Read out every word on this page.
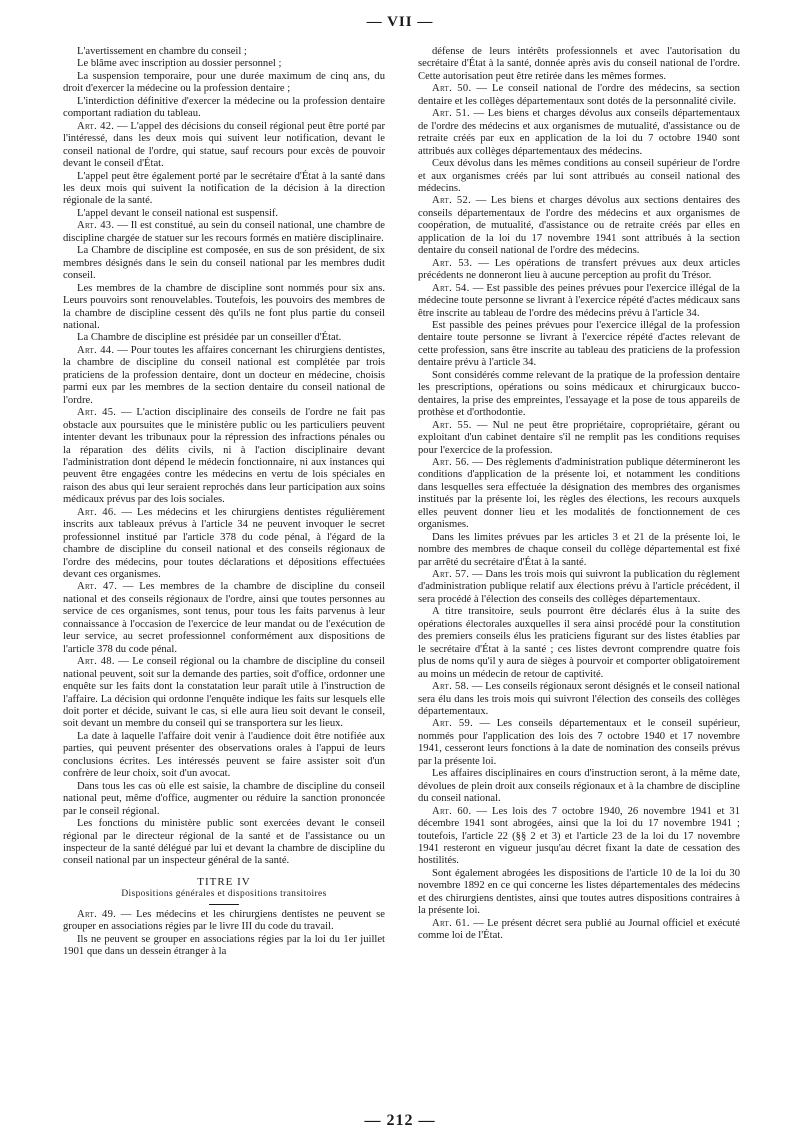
— VII —

L'avertissement en chambre du conseil ;

Le blâme avec inscription au dossier personnel ;

La suspension temporaire, pour une durée maximum de cinq ans, du droit d'exercer la médecine ou la profession dentaire ;

L'interdiction définitive d'exercer la médecine ou la profession dentaire comportant radiation du tableau.

Art. 42. — L'appel des décisions du conseil régional peut être porté par l'intéressé, dans les deux mois qui suivent leur notification, devant le conseil national de l'ordre, qui statue, sauf recours pour excès de pouvoir devant le conseil d'État.

L'appel peut être également porté par le secrétaire d'État à la santé dans les deux mois qui suivent la notification de la décision à la direction régionale de la santé.

L'appel devant le conseil national est suspensif.

Art. 43. — Il est constitué, au sein du conseil national, une chambre de discipline chargée de statuer sur les recours formés en matière disciplinaire.

La Chambre de discipline est composée, en sus de son président, de six membres désignés dans le sein du conseil national par les membres dudit conseil.

Les membres de la chambre de discipline sont nommés pour six ans. Leurs pouvoirs sont renouvelables. Toutefois, les pouvoirs des membres de la chambre de discipline cessent dès qu'ils ne font plus partie du conseil national.

La Chambre de discipline est présidée par un conseiller d'État.

Art. 44. — Pour toutes les affaires concernant les chirurgiens dentistes, la chambre de discipline du conseil national est complétée par trois praticiens de la profession dentaire, dont un docteur en médecine, choisis parmi eux par les membres de la section dentaire du conseil national de l'ordre.

Art. 45. — L'action disciplinaire des conseils de l'ordre ne fait pas obstacle aux poursuites que le ministère public ou les particuliers peuvent intenter devant les tribunaux pour la répression des infractions pénales ou la réparation des délits civils, ni à l'action disciplinaire devant l'administration dont dépend le médecin fonctionnaire, ni aux instances qui peuvent être engagées contre les médecins en vertu de lois spéciales en raison des abus qui leur seraient reprochés dans leur participation aux soins médicaux prévus par des lois sociales.

Art. 46. — Les médecins et les chirurgiens dentistes régulièrement inscrits aux tableaux prévus à l'article 34 ne peuvent invoquer le secret professionnel institué par l'article 378 du code pénal, à l'égard de la chambre de discipline du conseil national et des conseils régionaux de l'ordre des médecins, pour toutes déclarations et dépositions effectuées devant ces organismes.

Art. 47. — Les membres de la chambre de discipline du conseil national et des conseils régionaux de l'ordre, ainsi que toutes personnes au service de ces organismes, sont tenus, pour tous les faits parvenus à leur connaissance à l'occasion de l'exercice de leur mandat ou de l'exécution de leur service, au secret professionnel conformément aux dispositions de l'article 378 du code pénal.

Art. 48. — Le conseil régional ou la chambre de discipline du conseil national peuvent, soit sur la demande des parties, soit d'office, ordonner une enquête sur les faits dont la constatation leur paraît utile à l'instruction de l'affaire. La décision qui ordonne l'enquête indique les faits sur lesquels elle doit porter et décide, suivant le cas, si elle aura lieu soit devant le conseil, soit devant un membre du conseil qui se transportera sur les lieux.

La date à laquelle l'affaire doit venir à l'audience doit être notifiée aux parties, qui peuvent présenter des observations orales à l'appui de leurs conclusions écrites. Les intéressés peuvent se faire assister soit d'un confrère de leur choix, soit d'un avocat.

Dans tous les cas où elle est saisie, la chambre de discipline du conseil national peut, même d'office, augmenter ou réduire la sanction prononcée par le conseil régional.

Les fonctions du ministère public sont exercées devant le conseil régional par le directeur régional de la santé et de l'assistance ou un inspecteur de la santé délégué par lui et devant la chambre de discipline du conseil national par un inspecteur général de la santé.

TITRE IV

Dispositions générales et dispositions transitoires

Art. 49. — Les médecins et les chirurgiens dentistes ne peuvent se grouper en associations régies par le livre III du code du travail.

Ils ne peuvent se grouper en associations régies par la loi du 1er juillet 1901 que dans un dessein étranger à la

défense de leurs intérêts professionnels et avec l'autorisation du secrétaire d'État à la santé, donnée après avis du conseil national de l'ordre. Cette autorisation peut être retirée dans les mêmes formes.

Art. 50. — Le conseil national de l'ordre des médecins, sa section dentaire et les collèges départementaux sont dotés de la personnalité civile.

Art. 51. — Les biens et charges dévolus aux conseils départementaux de l'ordre des médecins et aux organismes de mutualité, d'assistance ou de retraite créés par eux en application de la loi du 7 octobre 1940 sont attribués aux collèges départementaux des médecins.

Ceux dévolus dans les mêmes conditions au conseil supérieur de l'ordre et aux organismes créés par lui sont attribués au conseil national des médecins.

Art. 52. — Les biens et charges dévolus aux sections dentaires des conseils départementaux de l'ordre des médecins et aux organismes de coopération, de mutualité, d'assistance ou de retraite créés par elles en application de la loi du 17 novembre 1941 sont attribués à la section dentaire du conseil national de l'ordre des médecins.

Art. 53. — Les opérations de transfert prévues aux deux articles précédents ne donneront lieu à aucune perception au profit du Trésor.

Art. 54. — Est passible des peines prévues pour l'exercice illégal de la médecine toute personne se livrant à l'exercice répété d'actes médicaux sans être inscrite au tableau de l'ordre des médecins prévu à l'article 34.

Est passible des peines prévues pour l'exercice illégal de la profession dentaire toute personne se livrant à l'exercice répété d'actes relevant de cette profession, sans être inscrite au tableau des praticiens de la profession dentaire prévu à l'article 34.

Sont considérés comme relevant de la pratique de la profession dentaire les prescriptions, opérations ou soins médicaux et chirurgicaux bucco-dentaires, la prise des empreintes, l'essayage et la pose de tous appareils de prothèse et d'orthodontie.

Art. 55. — Nul ne peut être propriétaire, copropriétaire, gérant ou exploitant d'un cabinet dentaire s'il ne remplit pas les conditions requises pour l'exercice de la profession.

Art. 56. — Des règlements d'administration publique détermineront les conditions d'application de la présente loi, et notamment les conditions dans lesquelles sera effectuée la désignation des membres des organismes institués par la présente loi, les règles des élections, les recours auxquels elles peuvent donner lieu et les modalités de fonctionnement de ces organismes.

Dans les limites prévues par les articles 3 et 21 de la présente loi, le nombre des membres de chaque conseil du collège départemental est fixé par arrêté du secrétaire d'État à la santé.

Art. 57. — Dans les trois mois qui suivront la publication du règlement d'administration publique relatif aux élections prévu à l'article précédent, il sera procédé à l'élection des conseils des collèges départementaux.

A titre transitoire, seuls pourront être déclarés élus à la suite des opérations électorales auxquelles il sera ainsi procédé pour la constitution des premiers conseils élus les praticiens figurant sur des listes établies par le secrétaire d'État à la santé ; ces listes devront comprendre quatre fois plus de noms qu'il y aura de sièges à pourvoir et comporter obligatoirement au moins un médecin de retour de captivité.

Art. 58. — Les conseils régionaux seront désignés et le conseil national sera élu dans les trois mois qui suivront l'élection des conseils des collèges départementaux.

Art. 59. — Les conseils départementaux et le conseil supérieur, nommés pour l'application des lois des 7 octobre 1940 et 17 novembre 1941, cesseront leurs fonctions à la date de nomination des conseils prévus par la présente loi.

Les affaires disciplinaires en cours d'instruction seront, à la même date, dévolues de plein droit aux conseils régionaux et à la chambre de discipline du conseil national.

Art. 60. — Les lois des 7 octobre 1940, 26 novembre 1941 et 31 décembre 1941 sont abrogées, ainsi que la loi du 17 novembre 1941 ; toutefois, l'article 22 (§§ 2 et 3) et l'article 23 de la loi du 17 novembre 1941 resteront en vigueur jusqu'au décret fixant la date de cessation des hostilités.

Sont également abrogées les dispositions de l'article 10 de la loi du 30 novembre 1892 en ce qui concerne les listes départementales des médecins et des chirurgiens dentistes, ainsi que toutes autres dispositions contraires à la présente loi.

Art. 61. — Le présent décret sera publié au Journal officiel et exécuté comme loi de l'État.

— 212 —
